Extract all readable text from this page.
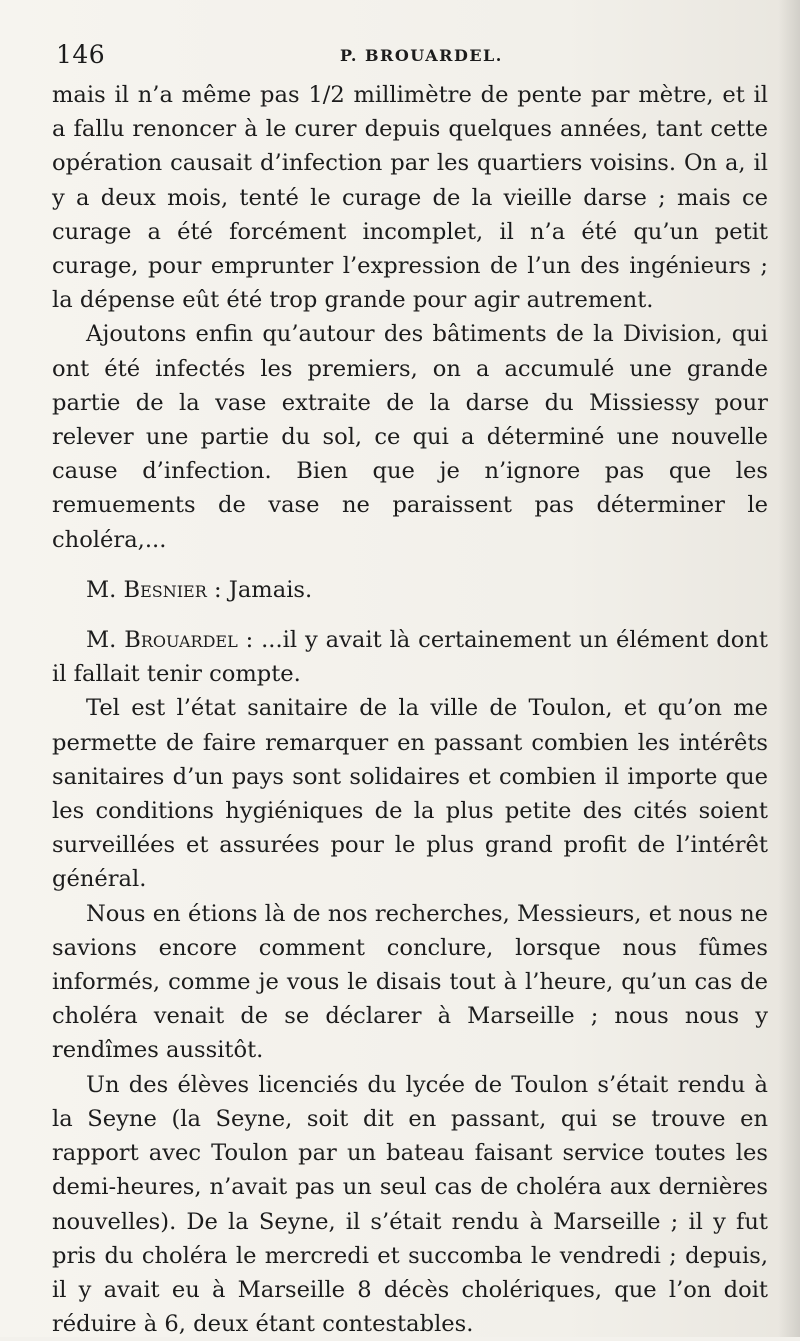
146	P. BROUARDEL.

mais il n’a même pas 1/2 millimètre de pente par mètre, et il a fallu renoncer à le curer depuis quelques années, tant cette opération causait d’infection par les quartiers voisins. On a, il y a deux mois, tenté le curage de la vieille darse ; mais ce curage a été forcément incomplet, il n’a été qu’un petit curage, pour emprunter l’expression de l’un des ingénieurs ; la dépense eût été trop grande pour agir autrement.

Ajoutons enfin qu’autour des bâtiments de la Division, qui ont été infectés les premiers, on a accumulé une grande partie de la vase extraite de la darse du Missiessy pour relever une partie du sol, ce qui a déterminé une nouvelle cause d’infection. Bien que je n’ignore pas que les remuements de vase ne paraissent pas déterminer le choléra,...

M. Besnier : Jamais.

M. Brouardel : ...il y avait là certainement un élément dont il fallait tenir compte.

Tel est l’état sanitaire de la ville de Toulon, et qu’on me permette de faire remarquer en passant combien les intérêts sanitaires d’un pays sont solidaires et combien il importe que les conditions hygiéniques de la plus petite des cités soient surveillées et assurées pour le plus grand profit de l’intérêt général.

Nous en étions là de nos recherches, Messieurs, et nous ne savions encore comment conclure, lorsque nous fûmes informés, comme je vous le disais tout à l’heure, qu’un cas de choléra venait de se déclarer à Marseille ; nous nous y rendîmes aussitôt.

Un des élèves licenciés du lycée de Toulon s’était rendu à la Seyne (la Seyne, soit dit en passant, qui se trouve en rapport avec Toulon par un bateau faisant service toutes les demi-heures, n’avait pas un seul cas de choléra aux dernières nouvelles). De la Seyne, il s’était rendu à Marseille ; il y fut pris du choléra le mercredi et succomba le vendredi ; depuis, il y avait eu à Marseille 8 décès cholériques, que l’on doit réduire à 6, deux étant contestables.
